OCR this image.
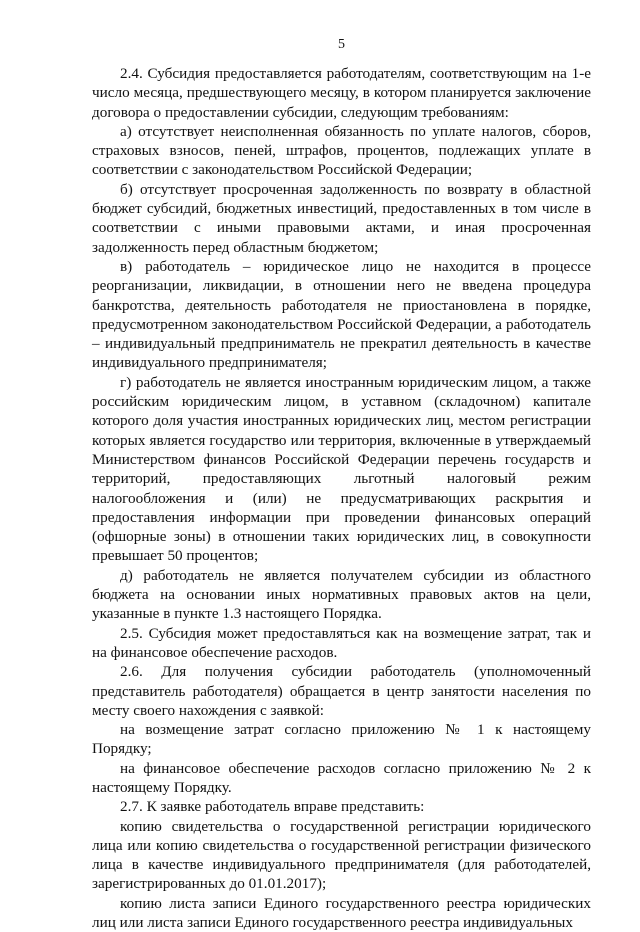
5

2.4. Субсидия предоставляется работодателям, соответствующим на 1-е число месяца, предшествующего месяцу, в котором планируется заключение договора о предоставлении субсидии, следующим требованиям:

а) отсутствует неисполненная обязанность по уплате налогов, сборов, страховых взносов, пеней, штрафов, процентов, подлежащих уплате в соответствии с законодательством Российской Федерации;

б) отсутствует просроченная задолженность по возврату в областной бюджет субсидий, бюджетных инвестиций, предоставленных в том числе в соответствии с иными правовыми актами, и иная просроченная задолженность перед областным бюджетом;

в) работодатель – юридическое лицо не находится в процессе реорганизации, ликвидации, в отношении него не введена процедура банкротства, деятельность работодателя не приостановлена в порядке, предусмотренном законодательством Российской Федерации, а работодатель – индивидуальный предприниматель не прекратил деятельность в качестве индивидуального предпринимателя;

г) работодатель не является иностранным юридическим лицом, а также российским юридическим лицом, в уставном (складочном) капитале которого доля участия иностранных юридических лиц, местом регистрации которых является государство или территория, включенные в утверждаемый Министерством финансов Российской Федерации перечень государств и территорий, предоставляющих льготный налоговый режим налогообложения и (или) не предусматривающих раскрытия и предоставления информации при проведении финансовых операций (офшорные зоны) в отношении таких юридических лиц, в совокупности превышает 50 процентов;

д) работодатель не является получателем субсидии из областного бюджета на основании иных нормативных правовых актов на цели, указанные в пункте 1.3 настоящего Порядка.

2.5. Субсидия может предоставляться как на возмещение затрат, так и на финансовое обеспечение расходов.

2.6. Для получения субсидии работодатель (уполномоченный представитель работодателя) обращается в центр занятости населения по месту своего нахождения с заявкой:

на возмещение затрат согласно приложению № 1 к настоящему Порядку;

на финансовое обеспечение расходов согласно приложению № 2 к настоящему Порядку.

2.7. К заявке работодатель вправе представить:

копию свидетельства о государственной регистрации юридического лица или копию свидетельства о государственной регистрации физического лица в качестве индивидуального предпринимателя (для работодателей, зарегистрированных до 01.01.2017);

копию листа записи Единого государственного реестра юридических лиц или листа записи Единого государственного реестра индивидуальных
